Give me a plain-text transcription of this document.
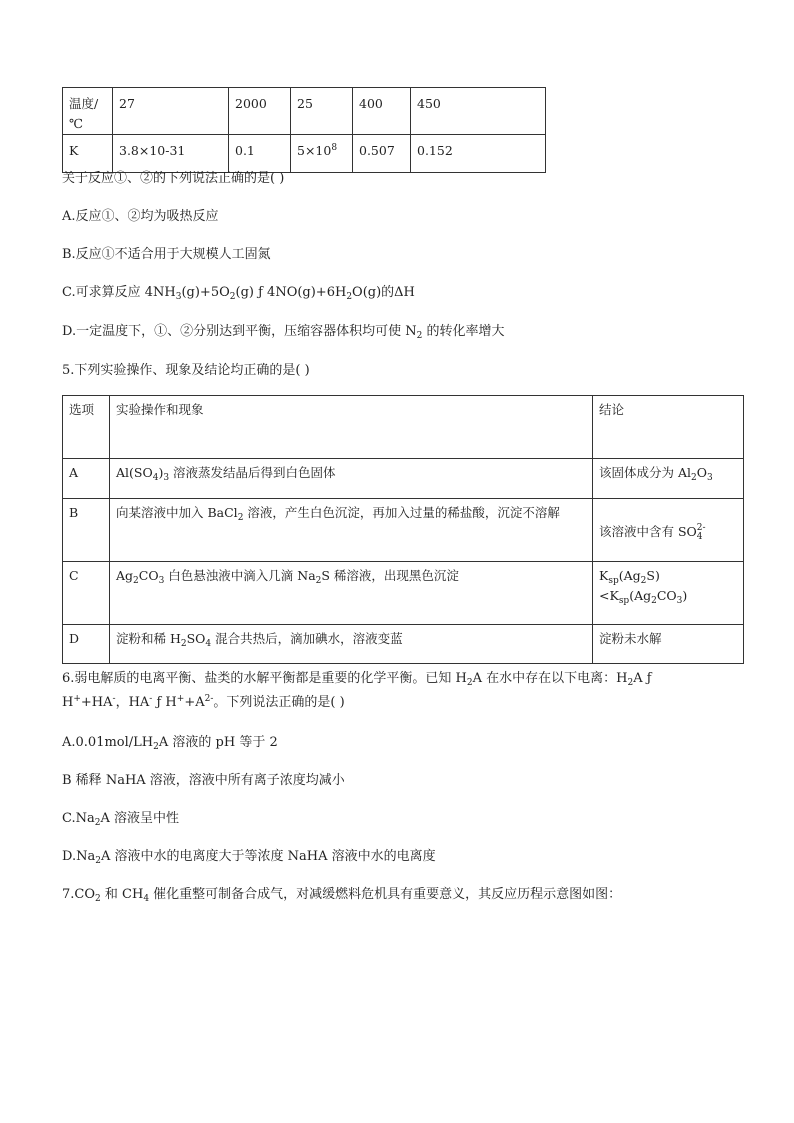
温度/℃	27	2000	25	400	450
K	3.8×10-31	0.1	$5\times 10^8$	0.507	0.152
关于反应①、②的下列说法正确的是( )
A.反应①、②均为吸热反应
B.反应①不适合用于大规模人工固氮
C.可求算反应 $4NH_3(g)+5O_2(g)$ ƒ $4NO(g)+6H_2O(g)$的ΔH
D.一定温度下，①、②分别达到平衡，压缩容器体积均可使 $N_2$ 的转化率增大
5.下列实验操作、现象及结论均正确的是( )
选项	实验操作和现象	结论
A	$Al(SO_4)_3$ 溶液蒸发结晶后得到白色固体	该固体成分为 $Al_2O_3$
B	向某溶液中加入 BaCl$_2$ 溶液，产生白色沉淀，再加入过量的稀盐酸，沉淀不溶解	该溶液中含有 SO2-
4
C	$Ag_2CO_3$ 白色悬浊液中滴入几滴 $Na_2S$ 稀溶液，出现黑色沉淀	$K_{sp}(Ag_2S)<K_{sp}(Ag_2CO_3)$
D	淀粉和稀 $H_2SO_4$ 混合共热后，滴加碘水，溶液变蓝	淀粉未水解
6.弱电解质的电离平衡、盐类的水解平衡都是重要的化学平衡。已知 $H_2A$ 在水中存在以下电离：$H_2A$ ƒ
H++HA-，HA- ƒ $H^++A^{2-}$。下列说法正确的是( )
$A.0.01mol/LH_2A$ 溶液的 pH 等于 2
B 稀释 NaHA 溶液，溶液中所有离子浓度均减小
$C.Na_2A$ 溶液呈中性
$D.Na_2A$ 溶液中水的电离度大于等浓度 NaHA 溶液中水的电离度
$7.CO_2$ 和 $CH_4$ 催化重整可制备合成气，对减缓燃料危机具有重要意义，其反应历程示意图如图：
